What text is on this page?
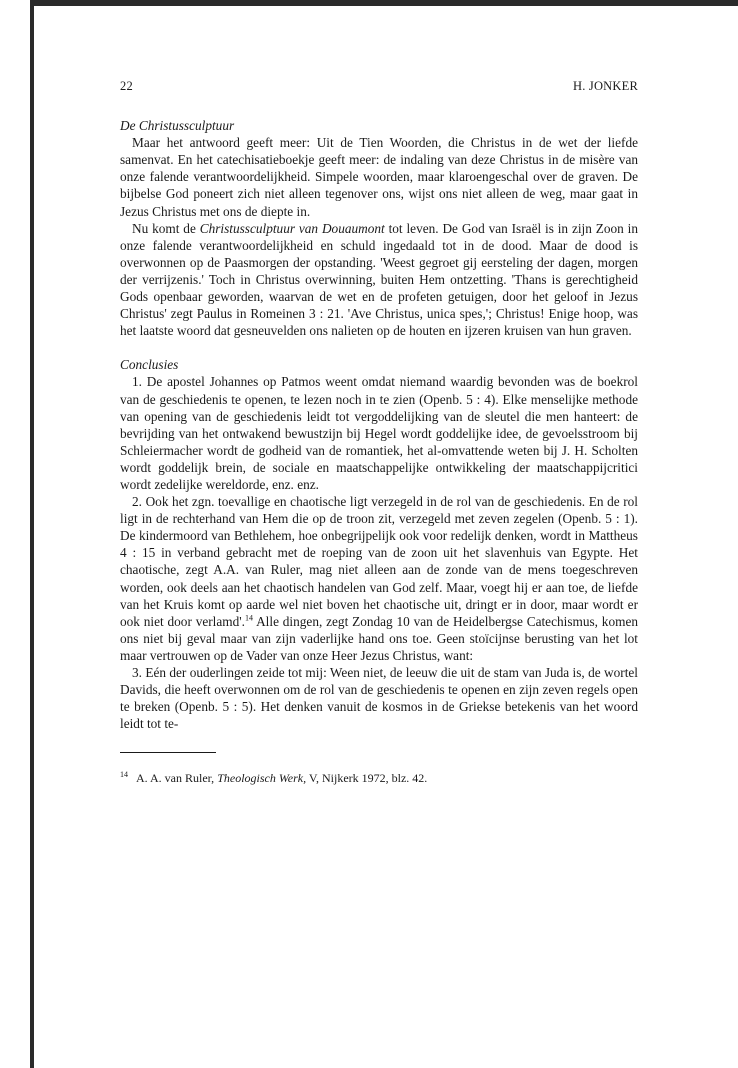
22	H. JONKER
De Christussculptuur

Maar het antwoord geeft meer: Uit de Tien Woorden, die Christus in de wet der liefde samenvat. En het catechisatieboekje geeft meer: de indaling van deze Christus in de misère van onze falende verantwoordelijkheid. Simpele woorden, maar klaroengeschal over de graven. De bijbelse God poneert zich niet alleen tegenover ons, wijst ons niet alleen de weg, maar gaat in Jezus Christus met ons de diepte in.

Nu komt de Christussculptuur van Douaumont tot leven. De God van Israël is in zijn Zoon in onze falende verantwoordelijkheid en schuld ingedaald tot in de dood. Maar de dood is overwonnen op de Paasmorgen der opstanding. 'Weest gegroet gij eersteling der dagen, morgen der verrijzenis.' Toch in Christus overwinning, buiten Hem ontzetting. 'Thans is gerechtigheid Gods openbaar geworden, waarvan de wet en de profeten getuigen, door het geloof in Jezus Christus' zegt Paulus in Romeinen 3 : 21. 'Ave Christus, unica spes,'; Christus! Enige hoop, was het laatste woord dat gesneuvelden ons nalieten op de houten en ijzeren kruisen van hun graven.

Conclusies

1. De apostel Johannes op Patmos weent omdat niemand waardig bevonden was de boekrol van de geschiedenis te openen, te lezen noch in te zien (Openb. 5 : 4). Elke menselijke methode van opening van de geschiedenis leidt tot vergoddelijking van de sleutel die men hanteert: de bevrijding van het ontwakend bewustzijn bij Hegel wordt goddelijke idee, de gevoelsstroom bij Schleiermacher wordt de godheid van de romantiek, het al-omvattende weten bij J. H. Scholten wordt goddelijk brein, de sociale en maatschappelijke ontwikkeling der maatschappijcritici wordt zedelijke wereldorde, enz. enz.

2. Ook het zgn. toevallige en chaotische ligt verzegeld in de rol van de geschiedenis. En de rol ligt in de rechterhand van Hem die op de troon zit, verzegeld met zeven zegelen (Openb. 5 : 1). De kindermoord van Bethlehem, hoe onbegrijpelijk ook voor redelijk denken, wordt in Mattheus 4 : 15 in verband gebracht met de roeping van de zoon uit het slavenhuis van Egypte. Het chaotische, zegt A.A. van Ruler, mag niet alleen aan de zonde van de mens toegeschreven worden, ook deels aan het chaotisch handelen van God zelf. Maar, voegt hij er aan toe, de liefde van het Kruis komt op aarde wel niet boven het chaotische uit, dringt er in door, maar wordt er ook niet door verlamd'.$^{14}$ Alle dingen, zegt Zondag 10 van de Heidelbergse Catechismus, komen ons niet bij geval maar van zijn vaderlijke hand ons toe. Geen stoïcijnse berusting van het lot maar vertrouwen op de Vader van onze Heer Jezus Christus, want:

3. Eén der ouderlingen zeide tot mij: Ween niet, de leeuw die uit de stam van Juda is, de wortel Davids, die heeft overwonnen om de rol van de geschiedenis te openen en zijn zeven regels open te breken (Openb. 5 : 5). Het denken vanuit de kosmos in de Griekse betekenis van het woord leidt tot te-

$^{14}$ A. A. van Ruler, Theologisch Werk, V, Nijkerk 1972, blz. 42.
